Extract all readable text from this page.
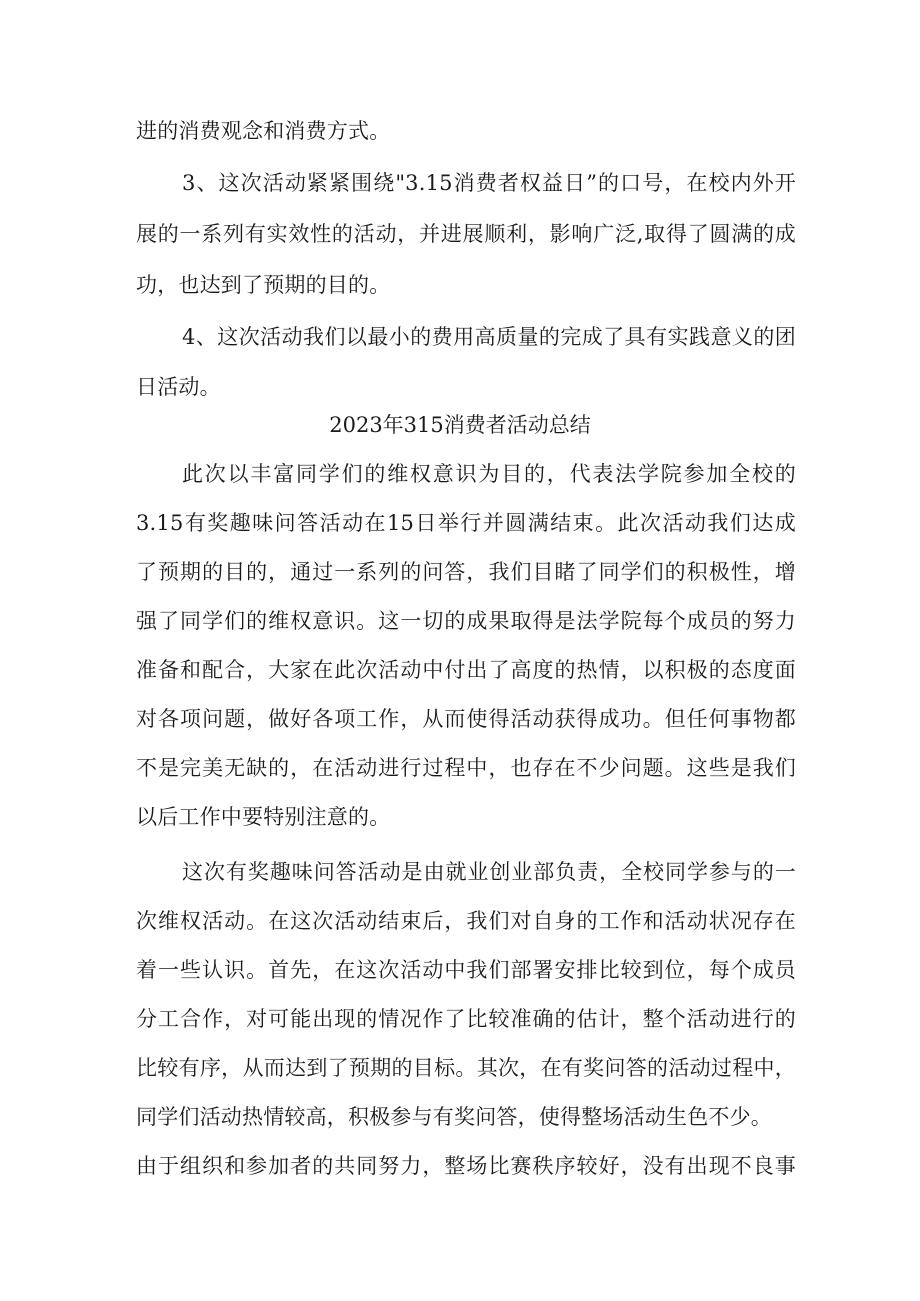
进的消费观念和消费方式。
3、这次活动紧紧围绕"3.15消费者权益日”的口号，在校内外开
展的一系列有实效性的活动，并进展顺利，影响广泛,取得了圆满的成
功，也达到了预期的目的。
4、这次活动我们以最小的费用高质量的完成了具有实践意义的团
日活动。
2023年315消费者活动总结
此次以丰富同学们的维权意识为目的，代表法学院参加全校的
3.15有奖趣味问答活动在15日举行并圆满结束。此次活动我们达成
了预期的目的，通过一系列的问答，我们目睹了同学们的积极性，增
强了同学们的维权意识。这一切的成果取得是法学院每个成员的努力
准备和配合，大家在此次活动中付出了高度的热情，以积极的态度面
对各项问题，做好各项工作，从而使得活动获得成功。但任何事物都
不是完美无缺的，在活动进行过程中，也存在不少问题。这些是我们
以后工作中要特别注意的。
这次有奖趣味问答活动是由就业创业部负责，全校同学参与的一
次维权活动。在这次活动结束后，我们对自身的工作和活动状况存在
着一些认识。首先，在这次活动中我们部署安排比较到位，每个成员
分工合作，对可能出现的情况作了比较准确的估计，整个活动进行的
比较有序，从而达到了预期的目标。其次，在有奖问答的活动过程中，
同学们活动热情较高，积极参与有奖问答，使得整场活动生色不少。
由于组织和参加者的共同努力，整场比赛秩序较好，没有出现不良事
